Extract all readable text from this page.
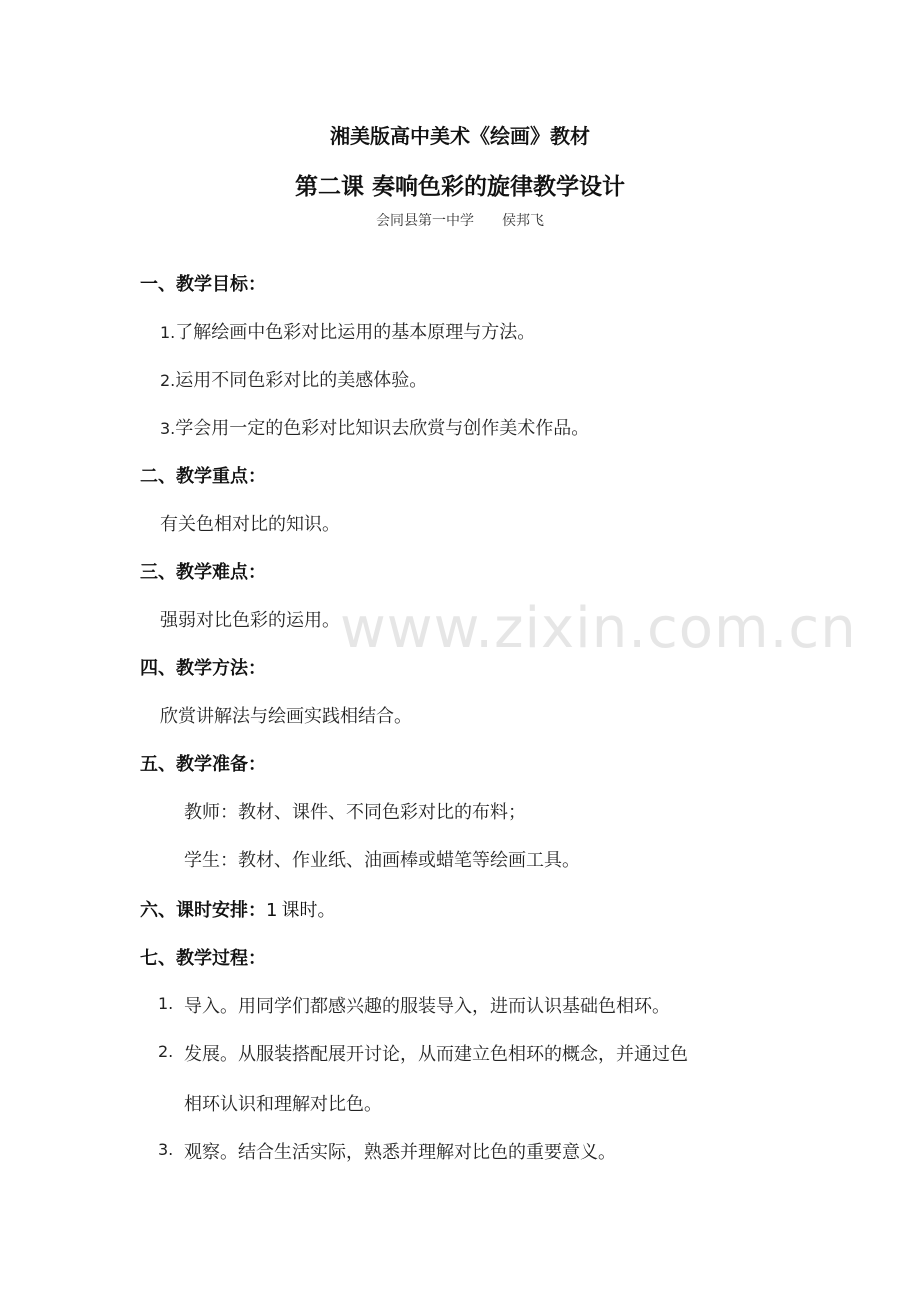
湘美版高中美术《绘画》教材
第二课 奏响色彩的旋律教学设计
会同县第一中学 侯邦飞
一、教学目标：
1.了解绘画中色彩对比运用的基本原理与方法。
2.运用不同色彩对比的美感体验。
3.学会用一定的色彩对比知识去欣赏与创作美术作品。
二、教学重点：
有关色相对比的知识。
三、教学难点：
强弱对比色彩的运用。 www.zixin.com.cn
四、教学方法：
欣赏讲解法与绘画实践相结合。
五、教学准备：
教师：教材、课件、不同色彩对比的布料；
学生：教材、作业纸、油画棒或蜡笔等绘画工具。
六、课时安排：1 课时。
七、教学过程：
1. 导入。用同学们都感兴趣的服装导入，进而认识基础色相环。
2. 发展。从服装搭配展开讨论，从而建立色相环的概念，并通过色
相环认识和理解对比色。
3. 观察。结合生活实际，熟悉并理解对比色的重要意义。
